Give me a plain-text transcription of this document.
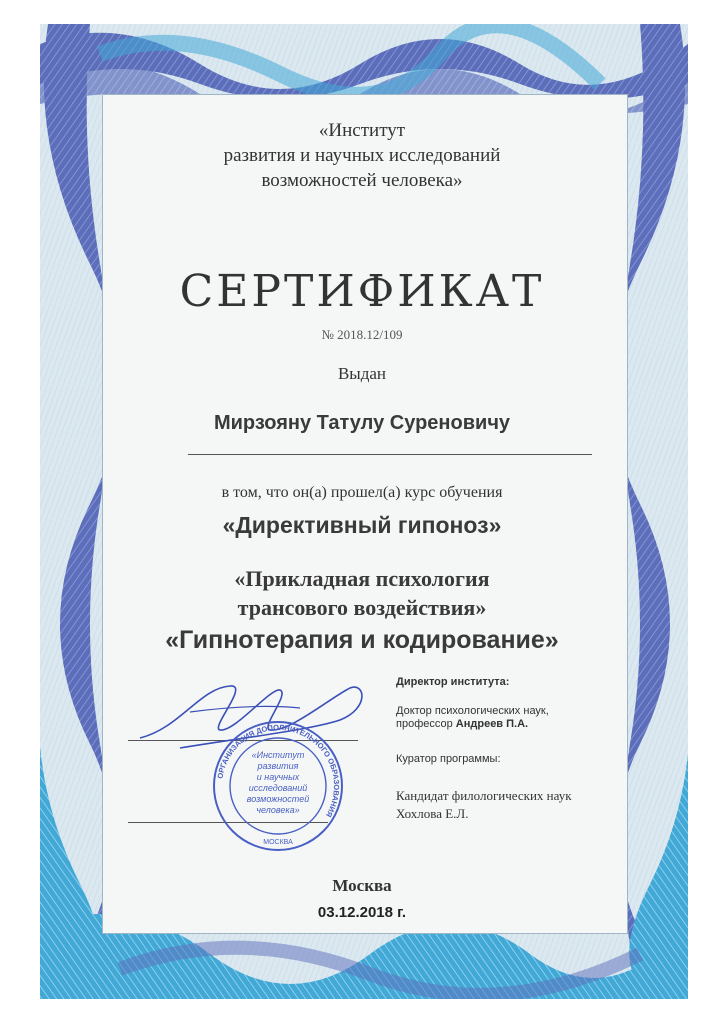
«Институт
развития и научных исследований
возможностей человека»
СЕРТИФИКАТ
№ 2018.12/109
Выдан
Мирзояну Татулу Суреновичу
в том, что он(а) прошел(а) курс обучения
«Директивный гипоноз»
«Прикладная психология
трансового воздействия»
«Гипнотерапия и кодирование»
Директор института:
Доктор психологических наук,
профессор Андреев П.А.
Куратор программы:
Кандидат филологических наук
Хохлова Е.Л.
ОРГАНИЗАЦИЯ ДОПОЛНИТЕЛЬНОГО ОБРАЗОВАНИЯ
«Институт
развития
и научных
исследований
возможностей
человека»
МОСКВА
Москва
03.12.2018 г.
